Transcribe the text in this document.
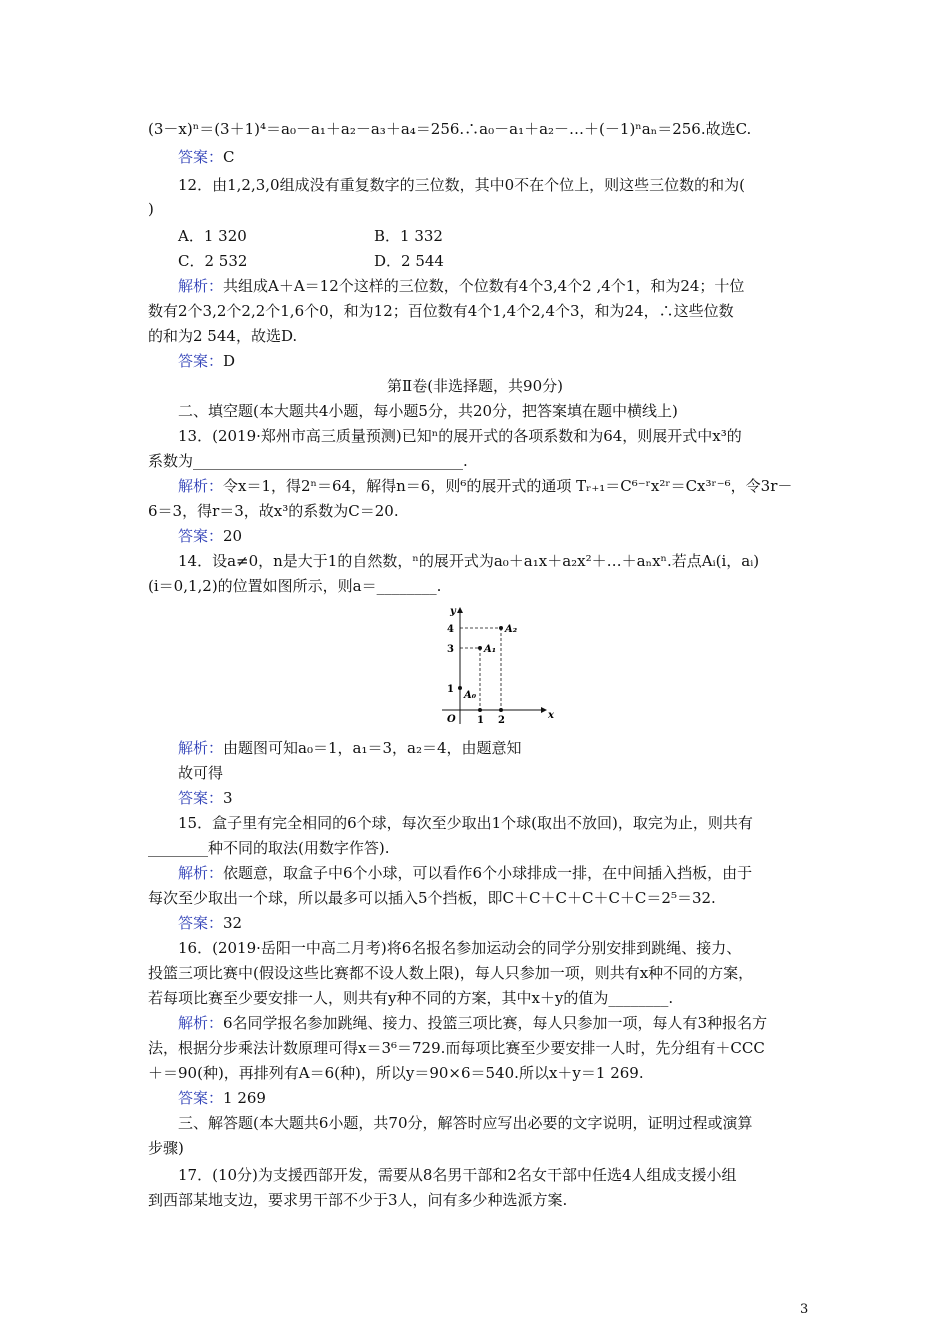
(3－x)ⁿ＝(3＋1)⁴＝a₀－a₁＋a₂－a₃＋a₄＝256.∴a₀－a₁＋a₂－…＋(－1)ⁿaₙ＝256.故选C.
答案：C
12．由1,2,3,0组成没有重复数字的三位数，其中0不在个位上，则这些三位数的和为(
)
A．1 320	B．1 332
C．2 532	D．2 544
解析：共组成A＋A＝12个这样的三位数，个位数有4个3,4个2 ,4个1，和为24；十位
数有2个3,2个2,2个1,6个0，和为12；百位数有4个1,4个2,4个3，和为24，∴这些位数
的和为2 544，故选D.
答案：D
第Ⅱ卷(非选择题，共90分)
二、填空题(本大题共4小题，每小题5分，共20分，把答案填在题中横线上)
13．(2019·郑州市高三质量预测)已知ⁿ的展开式的各项系数和为64，则展开式中x³的
系数为____________________________________.
解析：令x＝1，得2ⁿ＝64，解得n＝6，则⁶的展开式的通项 Tᵣ₊₁＝C⁶⁻ʳx²ʳ＝Cx³ʳ⁻⁶，令3r－
6＝3，得r＝3，故x³的系数为C＝20.
答案：20
14．设a≠0，n是大于1的自然数，ⁿ的展开式为a₀＋a₁x＋a₂x²＋…＋aₙxⁿ.若点Aᵢ(i，aᵢ)
(i＝0,1,2)的位置如图所示，则a＝________.
y
x
O
1
3
4
1 2
A₀
A₁
A₂
解析：由题图可知a₀＝1，a₁＝3，a₂＝4，由题意知
故可得
答案：3
15．盒子里有完全相同的6个球，每次至少取出1个球(取出不放回)，取完为止，则共有
________种不同的取法(用数字作答).
解析：依题意，取盒子中6个小球，可以看作6个小球排成一排，在中间插入挡板，由于
每次至少取出一个球，所以最多可以插入5个挡板，即C＋C＋C＋C＋C＋C＝2⁵＝32.
答案：32
16．(2019·岳阳一中高二月考)将6名报名参加运动会的同学分别安排到跳绳、接力、
投篮三项比赛中(假设这些比赛都不设人数上限)，每人只参加一项，则共有x种不同的方案，
若每项比赛至少要安排一人，则共有y种不同的方案，其中x＋y的值为________.
解析：6名同学报名参加跳绳、接力、投篮三项比赛，每人只参加一项，每人有3种报名方
法，根据分步乘法计数原理可得x＝3⁶＝729.而每项比赛至少要安排一人时，先分组有＋CCC
＋＝90(种)，再排列有A＝6(种)，所以y＝90×6＝540.所以x＋y＝1 269.
答案：1 269
三、解答题(本大题共6小题，共70分，解答时应写出必要的文字说明，证明过程或演算
步骤)
17．(10分)为支援西部开发，需要从8名男干部和2名女干部中任选4人组成支援小组
到西部某地支边，要求男干部不少于3人，问有多少种选派方案.
3
